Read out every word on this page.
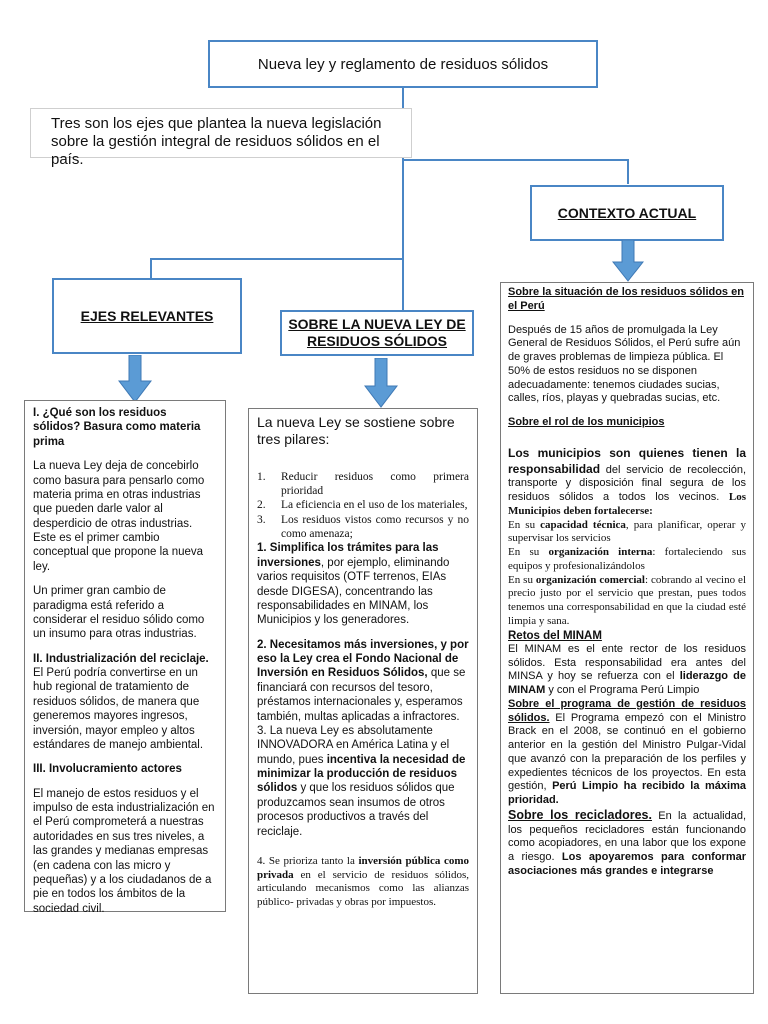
Nueva ley y reglamento de residuos sólidos

Tres son los ejes que plantea la nueva legislación sobre la gestión integral de residuos sólidos en el país.

CONTEXTO ACTUAL
EJES RELEVANTES
SOBRE LA NUEVA LEY DE RESIDUOS SÓLIDOS

I. ¿Qué son los residuos sólidos? Basura como materia prima

La nueva Ley deja de concebirlo como basura para pensarlo como materia prima en otras industrias que pueden darle valor al desperdicio de otras industrias. Este es el primer cambio conceptual que propone la nueva ley.

Un primer gran cambio de paradigma está referido a considerar el residuo sólido como un insumo para otras industrias.

II. Industrialización del reciclaje. El Perú podría convertirse en un hub regional de tratamiento de residuos sólidos, de manera que generemos mayores ingresos, inversión, mayor empleo y altos estándares de manejo ambiental.

III. Involucramiento actores

El manejo de estos residuos y el impulso de esta industrialización en el Perú comprometerá a nuestras autoridades en sus tres niveles, a las grandes y medianas empresas (en cadena con las micro y pequeñas) y a los ciudadanos de a pie en todos los ámbitos de la sociedad civil.

La nueva Ley se sostiene sobre tres pilares:

1.	Reducir residuos como primera prioridad
2.	La eficiencia en el uso de los materiales,
3.	Los residuos vistos como recursos y no como amenaza;

1. Simplifica los trámites para las inversiones, por ejemplo, eliminando varios requisitos (OTF terrenos, EIAs desde DIGESA), concentrando las responsabilidades en MINAM, los Municipios y los generadores.

2. Necesitamos más inversiones, y por eso la Ley crea el Fondo Nacional de Inversión en Residuos Sólidos, que se financiará con recursos del tesoro, préstamos internacionales y, esperamos también, multas aplicadas a infractores.

3. La nueva Ley es absolutamente INNOVADORA en América Latina y el mundo, pues incentiva la necesidad de minimizar la producción de residuos sólidos y que los residuos sólidos que produzcamos sean insumos de otros procesos productivos a través del reciclaje.

4. Se prioriza tanto la inversión pública como privada en el servicio de residuos sólidos, articulando mecanismos como las alianzas público- privadas y obras por impuestos.

Sobre la situación de los residuos sólidos en el Perú

Después de 15 años de promulgada la Ley General de Residuos Sólidos, el Perú sufre aún de graves problemas de limpieza pública. El 50% de estos residuos no se disponen adecuadamente: tenemos ciudades sucias, calles, ríos, playas y quebradas sucias, etc.

Sobre el rol de los municipios

Los municipios son quienes tienen la responsabilidad del servicio de recolección, transporte y disposición final segura de los residuos sólidos a todos los vecinos. Los Municipios deben fortalecerse:

En su capacidad técnica, para planificar, operar y supervisar los servicios

En su organización interna: fortaleciendo sus equipos y profesionalizándolos

En su organización comercial: cobrando al vecino el precio justo por el servicio que prestan, pues todos tenemos una corresponsabilidad en que la ciudad esté limpia y sana.

Retos del MINAM

El MINAM es el ente rector de los residuos sólidos. Esta responsabilidad era antes del MINSA y hoy se refuerza con el liderazgo de MINAM y con el Programa Perú Limpio

Sobre el programa de gestión de residuos sólidos. El Programa empezó con el Ministro Brack en el 2008, se continuó en el gobierno anterior en la gestión del Ministro Pulgar-Vidal que avanzó con la preparación de los perfiles y expedientes técnicos de los proyectos. En esta gestión, Perú Limpio ha recibido la máxima prioridad.

Sobre los recicladores. En la actualidad, los pequeños recicladores están funcionando como acopiadores, en una labor que los expone a riesgo. Los apoyaremos para conformar asociaciones más grandes e integrarse
